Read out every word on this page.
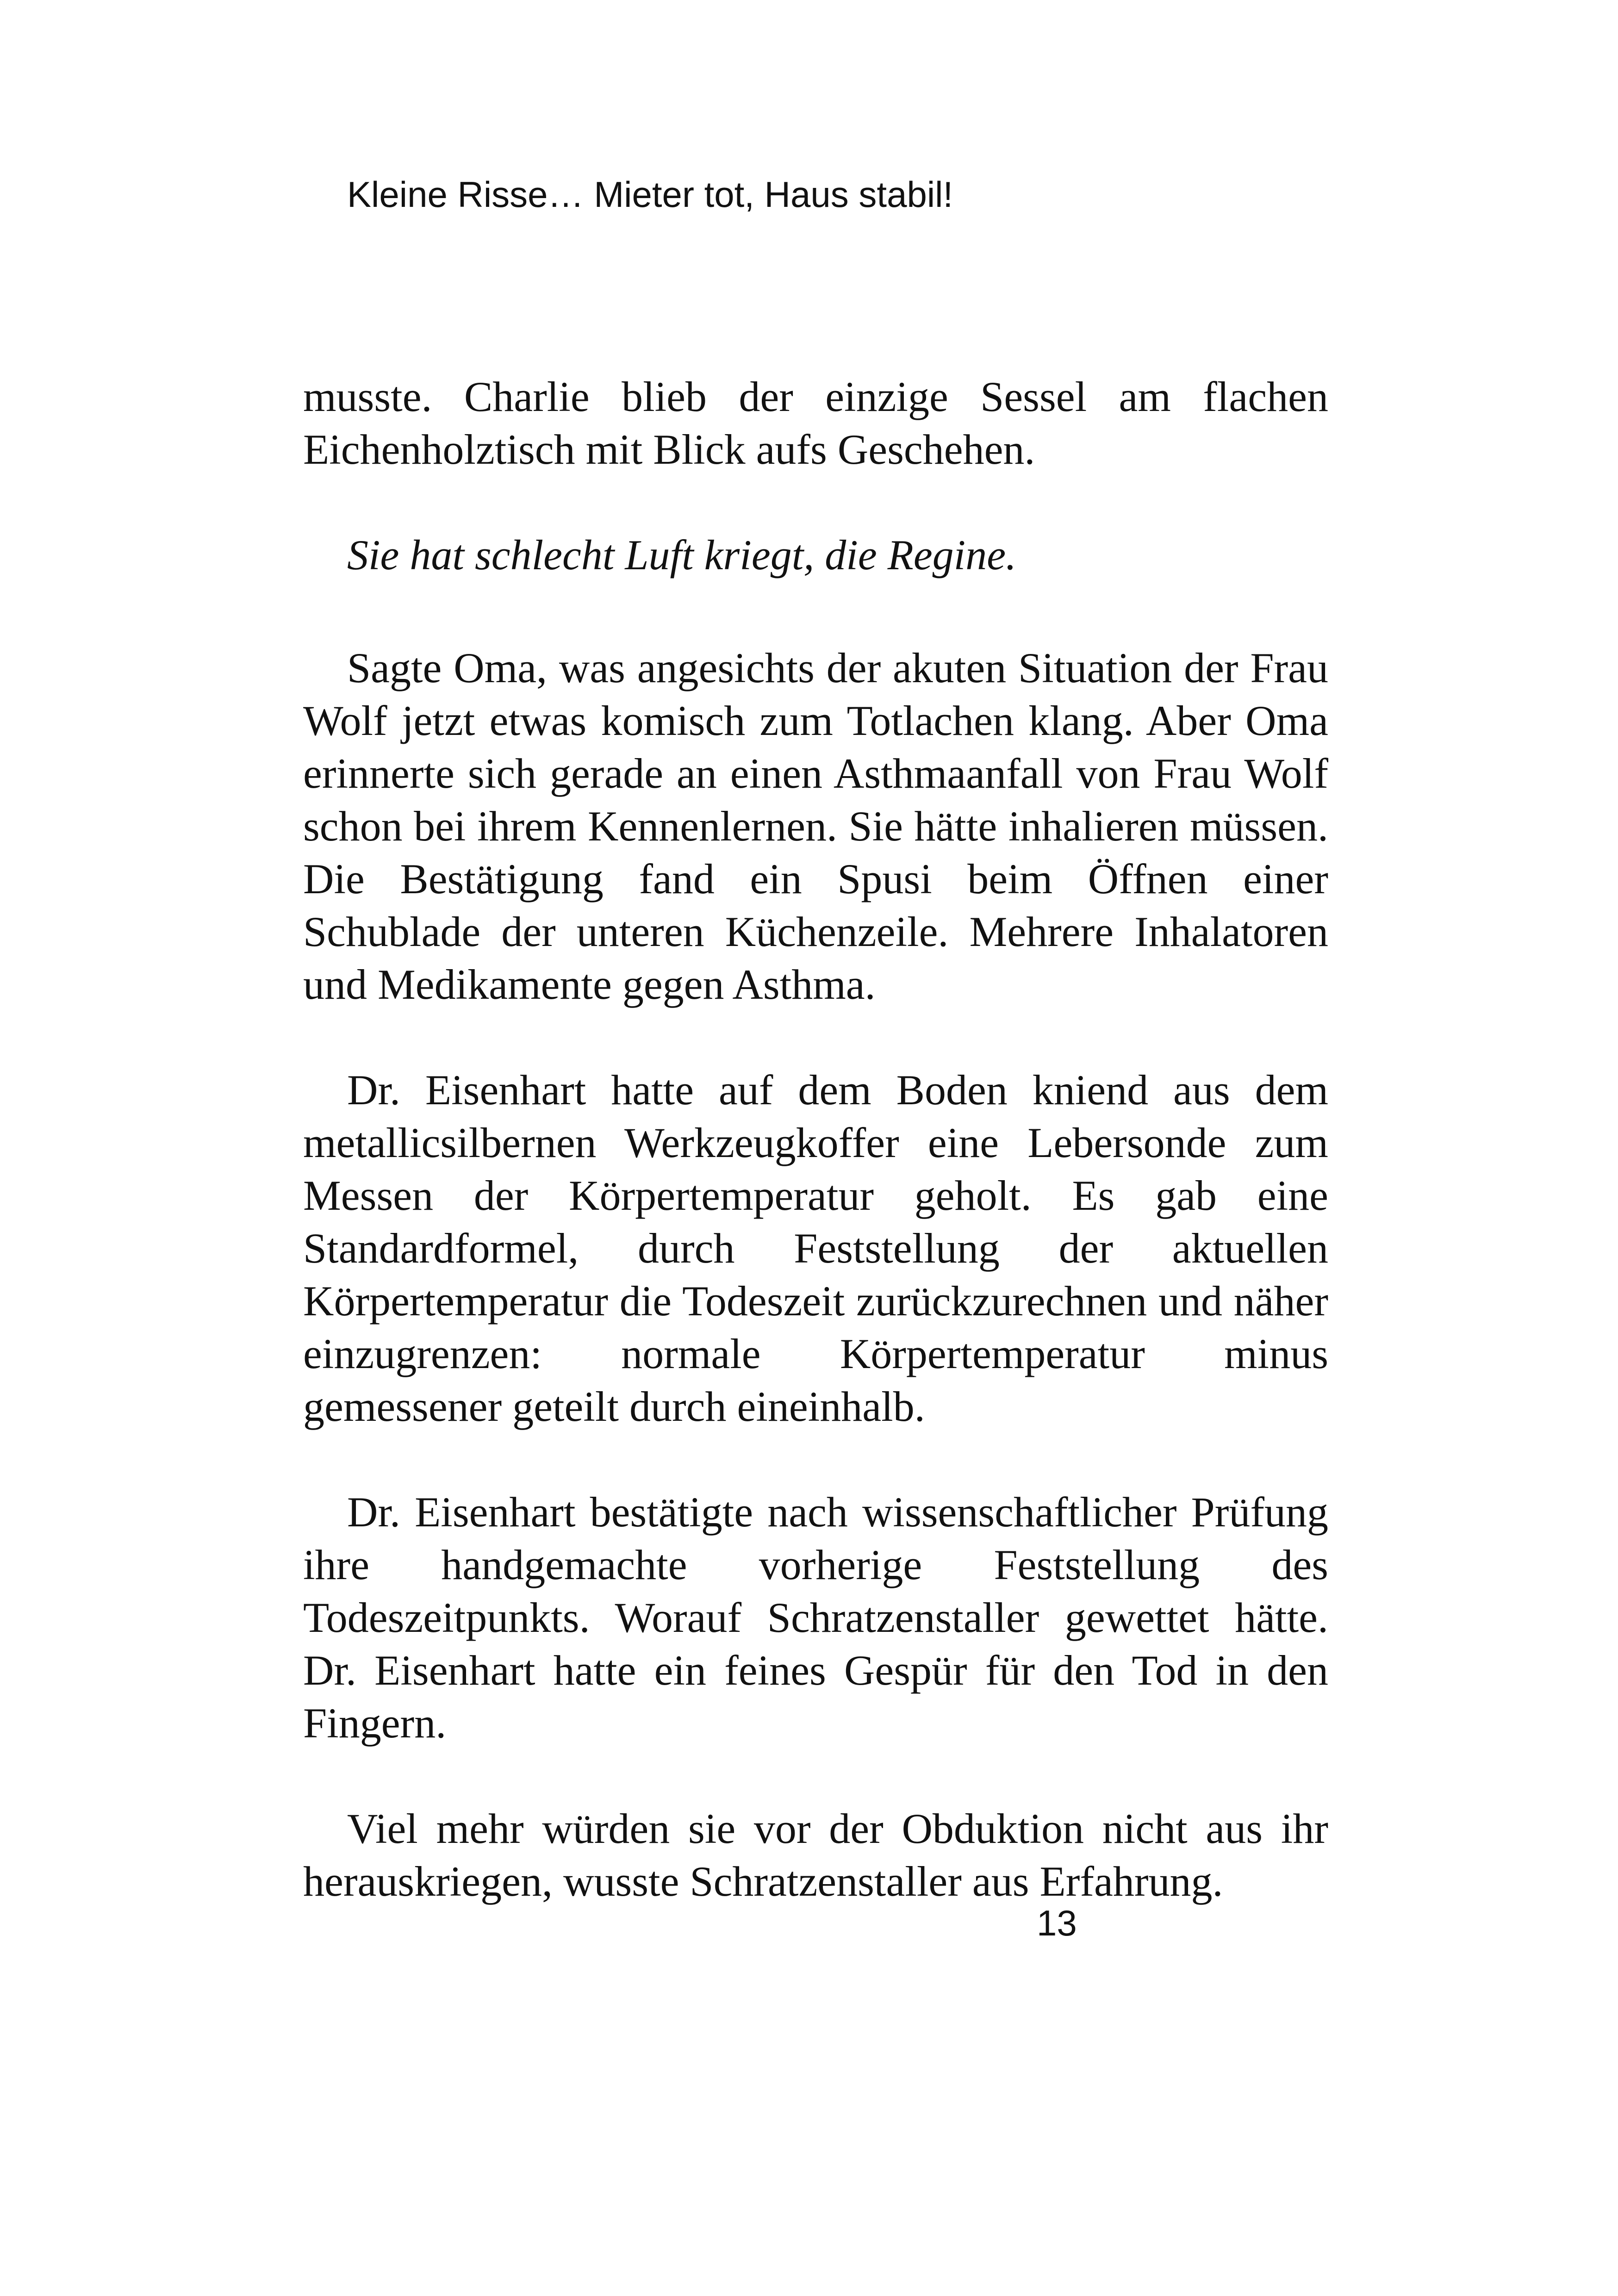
Kleine Risse… Mieter tot, Haus stabil!

musste. Charlie blieb der einzige Sessel am flachen Eichenholztisch mit Blick aufs Geschehen.

Sie hat schlecht Luft kriegt, die Regine.

Sagte Oma, was angesichts der akuten Situation der Frau Wolf jetzt etwas komisch zum Totlachen klang. Aber Oma erinnerte sich gerade an einen Asthmaanfall von Frau Wolf schon bei ihrem Kennenlernen. Sie hätte inhalieren müssen. Die Bestätigung fand ein Spusi beim Öffnen einer Schublade der unteren Küchenzeile. Mehrere Inhalatoren und Medikamente gegen Asthma.

Dr. Eisenhart hatte auf dem Boden kniend aus dem metallicsilbernen Werkzeugkoffer eine Lebersonde zum Messen der Körpertemperatur geholt. Es gab eine Standardformel, durch Feststellung der aktuellen Körpertemperatur die Todeszeit zurückzurechnen und näher einzugrenzen: normale Körpertemperatur minus gemessener geteilt durch eineinhalb.

Dr. Eisenhart bestätigte nach wissenschaftlicher Prüfung ihre handgemachte vorherige Feststellung des Todeszeitpunkts. Worauf Schratzenstaller gewettet hätte. Dr. Eisenhart hatte ein feines Gespür für den Tod in den Fingern.

Viel mehr würden sie vor der Obduktion nicht aus ihr herauskriegen, wusste Schratzenstaller aus Erfahrung.

13
